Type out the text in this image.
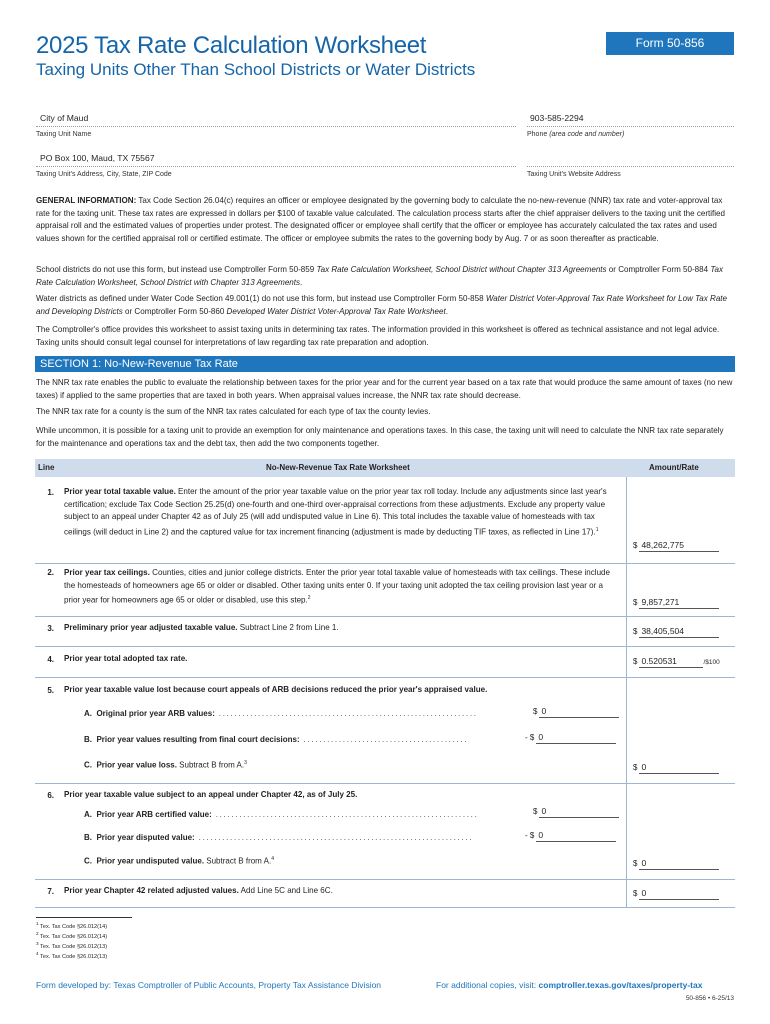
2025 Tax Rate Calculation Worksheet
Taxing Units Other Than School Districts or Water Districts
Form 50-856
City of Maud
Taxing Unit Name
903-585-2294
Phone (area code and number)
PO Box 100, Maud, TX 75567
Taxing Unit's Address, City, State, ZIP Code	Taxing Unit's Website Address
GENERAL INFORMATION: Tax Code Section 26.04(c) requires an officer or employee designated by the governing body to calculate the no-new-revenue (NNR) tax rate and voter-approval tax rate for the taxing unit. These tax rates are expressed in dollars per $100 of taxable value calculated. The calculation process starts after the chief appraiser delivers to the taxing unit the certified appraisal roll and the estimated values of properties under protest. The designated officer or employee shall certify that the officer or employee has accurately calculated the tax rates and used values shown for the certified appraisal roll or certified estimate. The officer or employee submits the rates to the governing body by Aug. 7 or as soon thereafter as practicable.
School districts do not use this form, but instead use Comptroller Form 50-859 Tax Rate Calculation Worksheet, School District without Chapter 313 Agreements or Comptroller Form 50-884 Tax Rate Calculation Worksheet, School District with Chapter 313 Agreements.
Water districts as defined under Water Code Section 49.001(1) do not use this form, but instead use Comptroller Form 50-858 Water District Voter-Approval Tax Rate Worksheet for Low Tax Rate and Developing Districts or Comptroller Form 50-860 Developed Water District Voter-Approval Tax Rate Worksheet.
The Comptroller's office provides this worksheet to assist taxing units in determining tax rates. The information provided in this worksheet is offered as technical assistance and not legal advice. Taxing units should consult legal counsel for interpretations of law regarding tax rate preparation and adoption.
SECTION 1: No-New-Revenue Tax Rate
The NNR tax rate enables the public to evaluate the relationship between taxes for the prior year and for the current year based on a tax rate that would produce the same amount of taxes (no new taxes) if applied to the same properties that are taxed in both years. When appraisal values increase, the NNR tax rate should decrease.
The NNR tax rate for a county is the sum of the NNR tax rates calculated for each type of tax the county levies.
While uncommon, it is possible for a taxing unit to provide an exemption for only maintenance and operations taxes. In this case, the taxing unit will need to calculate the NNR tax rate separately for the maintenance and operations tax and the debt tax, then add the two components together.
Line	No-New-Revenue Tax Rate Worksheet	Amount/Rate
1. Prior year total taxable value. Enter the amount of the prior year taxable value on the prior year tax roll today. Include any adjustments since last year's certification; exclude Tax Code Section 25.25(d) one-fourth and one-third over-appraisal corrections from these adjustments. Exclude any property value subject to an appeal under Chapter 42 as of July 25 (will add undisputed value in Line 6). This total includes the taxable value of homesteads with tax ceilings (will deduct in Line 2) and the captured value for tax increment financing (adjustment is made by deducting TIF taxes, as reflected in Line 17).$^1$
$ 48,262,775
2. Prior year tax ceilings. Counties, cities and junior college districts. Enter the prior year total taxable value of homesteads with tax ceilings. These include the homesteads of homeowners age 65 or older or disabled. Other taxing units enter 0. If your taxing unit adopted the tax ceiling provision last year or a prior year for homeowners age 65 or older or disabled, use this step.$^2$	$ 9,857,271
3. Preliminary prior year adjusted taxable value. Subtract Line 2 from Line 1.	$ 38,405,504
4. Prior year total adopted tax rate.	$ 0.520531	/$100
5. Prior year taxable value lost because court appeals of ARB decisions reduced the prior year's appraised value.
A. Original prior year ARB values: ..................................................................	$ 0
B. Prior year values resulting from final court decisions: ..........................................	- $ 0
C. Prior year value loss. Subtract B from A.$^3$	$ 0
6. Prior year taxable value subject to an appeal under Chapter 42, as of July 25.
A. Prior year ARB certified value: ...................................................................	$ 0
B. Prior year disputed value: ......................................................................	- $ 0
C. Prior year undisputed value. Subtract B from A.$^4$	$ 0
7. Prior year Chapter 42 related adjusted values. Add Line 5C and Line 6C.	$ 0
$^1$ Tex. Tax Code §26.012(14)
$^2$ Tex. Tax Code §26.012(14)
$^3$ Tex. Tax Code §26.012(13)
$^4$ Tex. Tax Code §26.012(13)
Form developed by: Texas Comptroller of Public Accounts, Property Tax Assistance Division	For additional copies, visit: comptroller.texas.gov/taxes/property-tax
50-856 • 6-25/13
